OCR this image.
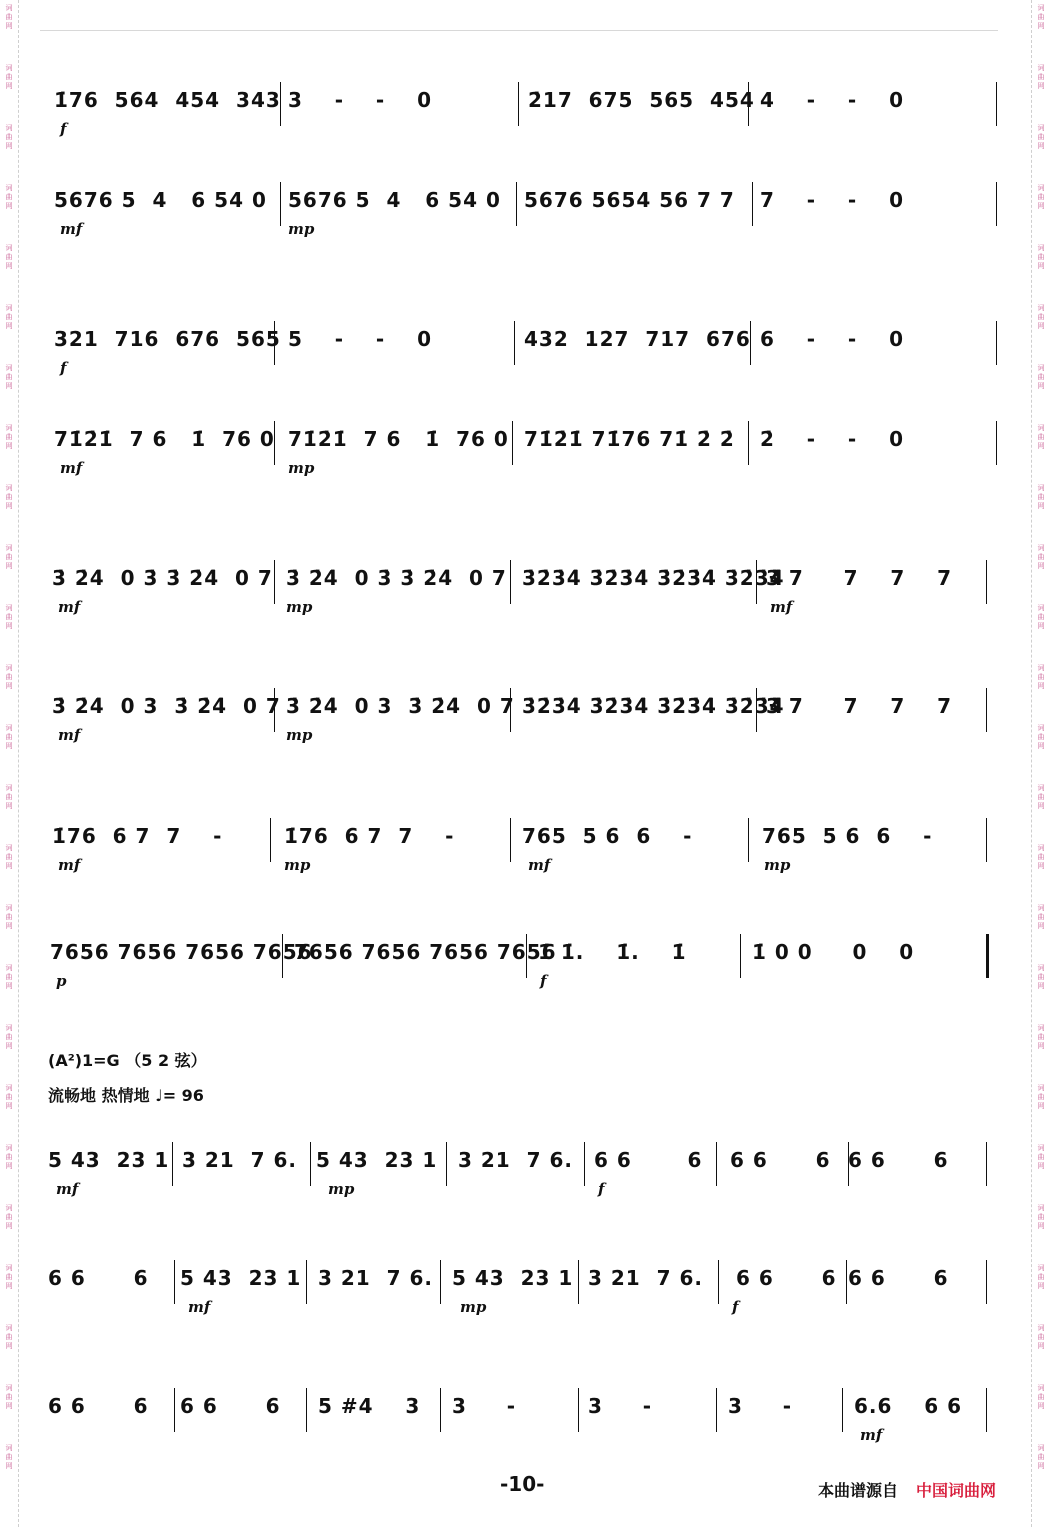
词
曲
网
词
曲
网
词
曲
网
词
曲
网
词
曲
网
词
曲
网
词
曲
网
词
曲
网
词
曲
网
词
曲
网
词
曲
网
词
曲
网
词
曲
网
词
曲
网
词
曲
网
词
曲
网
词
曲
网
词
曲
网
词
曲
网
词
曲
网
词
曲
网
词
曲
网
词
曲
网
词
曲
网
词
曲
网
词
曲
网
词
曲
网
词
曲
网
词
曲
网
词
曲
网
词
曲
网
词
曲
网
词
曲
网
词
曲
网
词
曲
网
词
曲
网
词
曲
网
词
曲
网
词
曲
网
词
曲
网
词
曲
网
词
曲
网
词
曲
网
词
曲
网
词
曲
网
词
曲
网
词
曲
网
词
曲
网
词
曲
网
词
曲
网
1̇76  564  454  343 3    -    -    0	2̇17  675  565  454 4    -    -    0
f
5676 5  4   6 54 0 5676 5  4   6 54 0 5676 5654 56 7 7 7    -    -    0
mf	mp
321  716  676  565 5    -    -    0	432  127  717  676 6    -    -    0
f
71̇2̇1̇  7 6   1̇  76 0 71̇2̇1̇  7 6   1̇  76 0 71̇2̇1̇ 71̇76 71̇ 2̇ 2̇ 2̇    -    -    0
mf	mp
3̇ 2̇4̇  0 3̇ 3̇ 2̇4̇  0 7 3̇ 2̇4̇  0 3̇ 3̇ 2̇4̇  0 7 3̇2̇3̇4̇ 3̇2̇3̇4̇ 3̇2̇3̇4̇ 3̇2̇3̇4̇
3̇ 7     7    7    7
mf	mp	mf
3̇ 2̇4̇  0 3  3̇ 2̇4̇  0 7 3̇ 2̇4̇  0 3  3̇ 2̇4̇  0 7 3̇2̇3̇4̇ 3̇2̇3̇4̇ 3̇2̇3̇4̇ 3̇2̇3̇4̇
3̇ 7     7    7    7
mf	mp
1̇76  6 7  7    -	1̇76  6 7  7    -	765  5 6  6    -	765  5 6  6    -
mf	mp	mf	mp
7656 7656 7656 7656
7656 7656 7656 7656
1̇ 1̇.    1̇.    1̇	1̇ 0 0     0    0
p	f
5 43  23 1 3 21  7 6. 5 43  23 1 3 21  7 6. 6 6       6 6 6      6 6 6      6
mf	mp	f
6 6      6 5 43  23 1 3 21  7 6. 5 43  23 1 3 21  7 6. 6 6      6 6 6      6
mf	mp	f
6 6      6 6 6      6 5 #4    3 3     -	3     -	3     -	6.6    6 6
mf
(A²)1=G （5 2 弦）
流畅地 热情地 ♩= 96
-10-	本曲谱源自 中国词曲网
